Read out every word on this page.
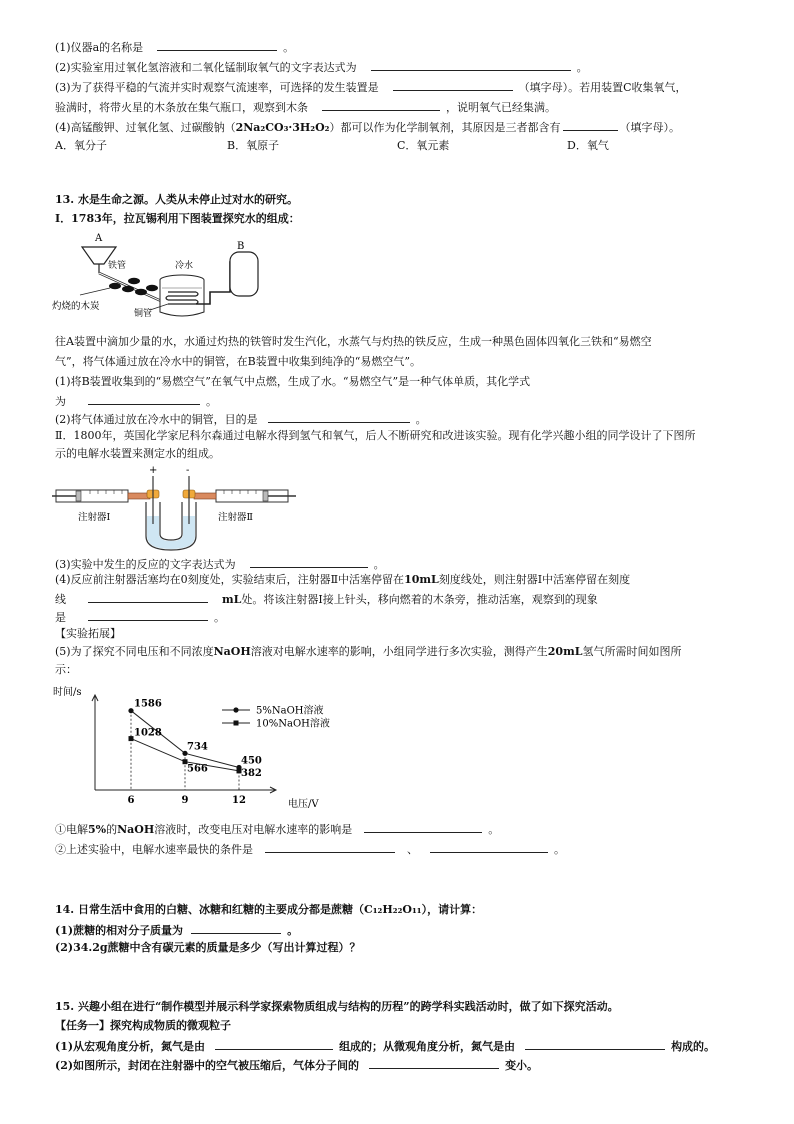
(1)仪器a的名称是	。
(2)实验室用过氧化氢溶液和二氧化锰制取氧气的文字表达式为	。
(3)为了获得平稳的气流并实时观察气流速率，可选择的发生装置是	（填字母）。若用装置C收集氧气，
验满时，将带火星的木条放在集气瓶口，观察到木条	，说明氧气已经集满。
(4)高锰酸钾、过氧化氢、过碳酸钠（2Na₂CO₃·3H₂O₂）都可以作为化学制氧剂，其原因是三者都含有	（填字母）。
A．氧分子	B．氧原子	C．氧元素	D．氧气
13. 水是生命之源。人类从未停止过对水的研究。
Ⅰ．1783年，拉瓦锡利用下图装置探究水的组成：
A
铁管
灼烧的木炭
冷水
铜管
B
往A装置中滴加少量的水，水通过灼热的铁管时发生汽化，水蒸气与灼热的铁反应，生成一种黑色固体四氧化三铁和“易燃空
气”，将气体通过放在冷水中的铜管，在B装置中收集到纯净的“易燃空气”。
(1)将B装置收集到的“易燃空气”在氧气中点燃，生成了水。“易燃空气”是一种气体单质，其化学式
为	。
(2)将气体通过放在冷水中的铜管，目的是	。
Ⅱ．1800年，英国化学家尼科尔森通过电解水得到氢气和氧气，后人不断研究和改进该实验。现有化学兴趣小组的同学设计了下图所
示的电解水装置来测定水的组成。
+	-
注射器Ⅰ	注射器Ⅱ
(3)实验中发生的反应的文字表达式为	。
(4)反应前注射器活塞均在0刻度处，实验结束后，注射器Ⅱ中活塞停留在10mL刻度线处，则注射器Ⅰ中活塞停留在刻度
线	mL处。将该注射器Ⅰ接上针头，移向燃着的木条旁，推动活塞，观察到的现象
是	。
【实验拓展】
(5)为了探究不同电压和不同浓度NaOH溶液对电解水速率的影响，小组同学进行多次实验，测得产生20mL氢气所需时间如图所
示：
时间/s
电压/V
6	9	12
1586
734
450
1028
566	382
5%NaOH溶液
10%NaOH溶液
①电解5%的NaOH溶液时，改变电压对电解水速率的影响是	。
②上述实验中，电解水速率最快的条件是	、	。
14. 日常生活中食用的白糖、冰糖和红糖的主要成分都是蔗糖（C₁₂H₂₂O₁₁），请计算：
(1)蔗糖的相对分子质量为	。
(2)34.2g蔗糖中含有碳元素的质量是多少（写出计算过程）？
15. 兴趣小组在进行“制作模型并展示科学家探索物质组成与结构的历程”的跨学科实践活动时，做了如下探究活动。
【任务一】探究构成物质的微观粒子
(1)从宏观角度分析，氮气是由	组成的；从微观角度分析，氮气是由	构成的。
(2)如图所示，封闭在注射器中的空气被压缩后，气体分子间的	变小。
